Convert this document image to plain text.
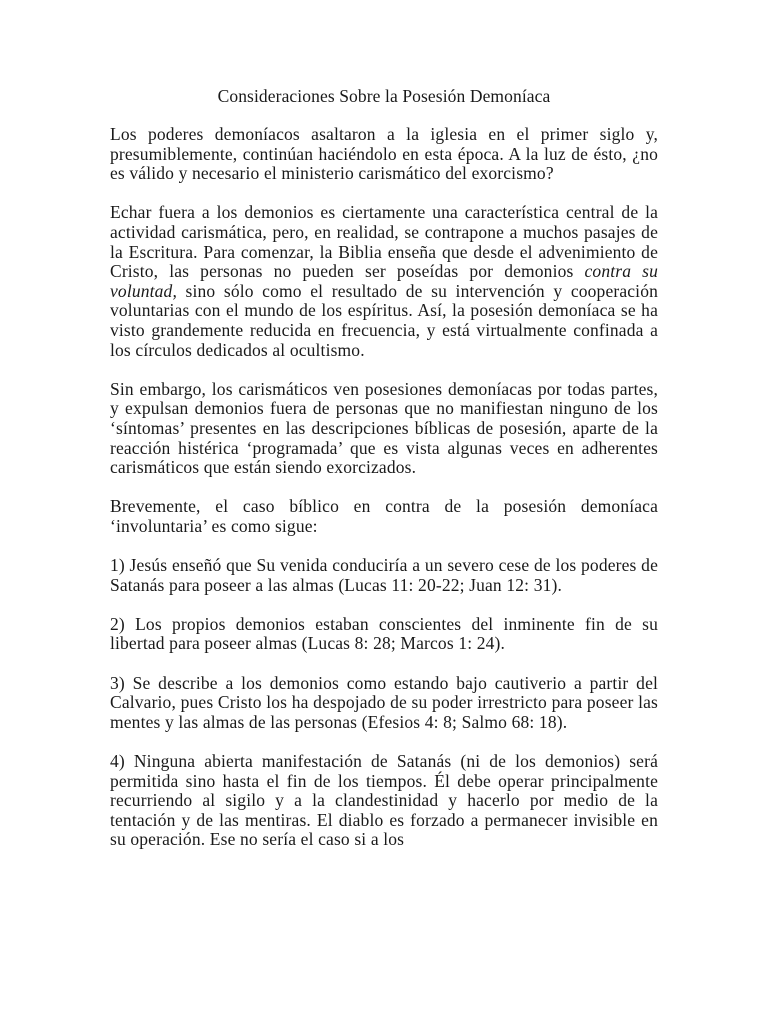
Consideraciones Sobre la Posesión Demoníaca

Los poderes demoníacos asaltaron a la iglesia en el primer siglo y, presumiblemente, continúan haciéndolo en esta época. A la luz de ésto, ¿no es válido y necesario el ministerio carismático del exorcismo?

Echar fuera a los demonios es ciertamente una característica central de la actividad carismática, pero, en realidad, se contrapone a muchos pasajes de la Escritura. Para comenzar, la Biblia enseña que desde el advenimiento de Cristo, las personas no pueden ser poseídas por demonios contra su voluntad, sino sólo como el resultado de su intervención y cooperación voluntarias con el mundo de los espíritus. Así, la posesión demoníaca se ha visto grandemente reducida en frecuencia, y está virtualmente confinada a los círculos dedicados al ocultismo.

Sin embargo, los carismáticos ven posesiones demoníacas por todas partes, y expulsan demonios fuera de personas que no manifiestan ninguno de los ‘síntomas’ presentes en las descripciones bíblicas de posesión, aparte de la reacción histérica ‘programada’ que es vista algunas veces en adherentes carismáticos que están siendo exorcizados.

Brevemente, el caso bíblico en contra de la posesión demoníaca ‘involuntaria’ es como sigue:

1) Jesús enseñó que Su venida conduciría a un severo cese de los poderes de Satanás para poseer a las almas (Lucas 11: 20-22; Juan 12: 31).

2) Los propios demonios estaban conscientes del inminente fin de su libertad para poseer almas (Lucas 8: 28; Marcos 1: 24).

3) Se describe a los demonios como estando bajo cautiverio a partir del Calvario, pues Cristo los ha despojado de su poder irrestricto para poseer las mentes y las almas de las personas (Efesios 4: 8; Salmo 68: 18).

4) Ninguna abierta manifestación de Satanás (ni de los demonios) será permitida sino hasta el fin de los tiempos. Él debe operar principalmente recurriendo al sigilo y a la clandestinidad y hacerlo por medio de la tentación y de las mentiras. El diablo es forzado a permanecer invisible en su operación. Ese no sería el caso si a los
